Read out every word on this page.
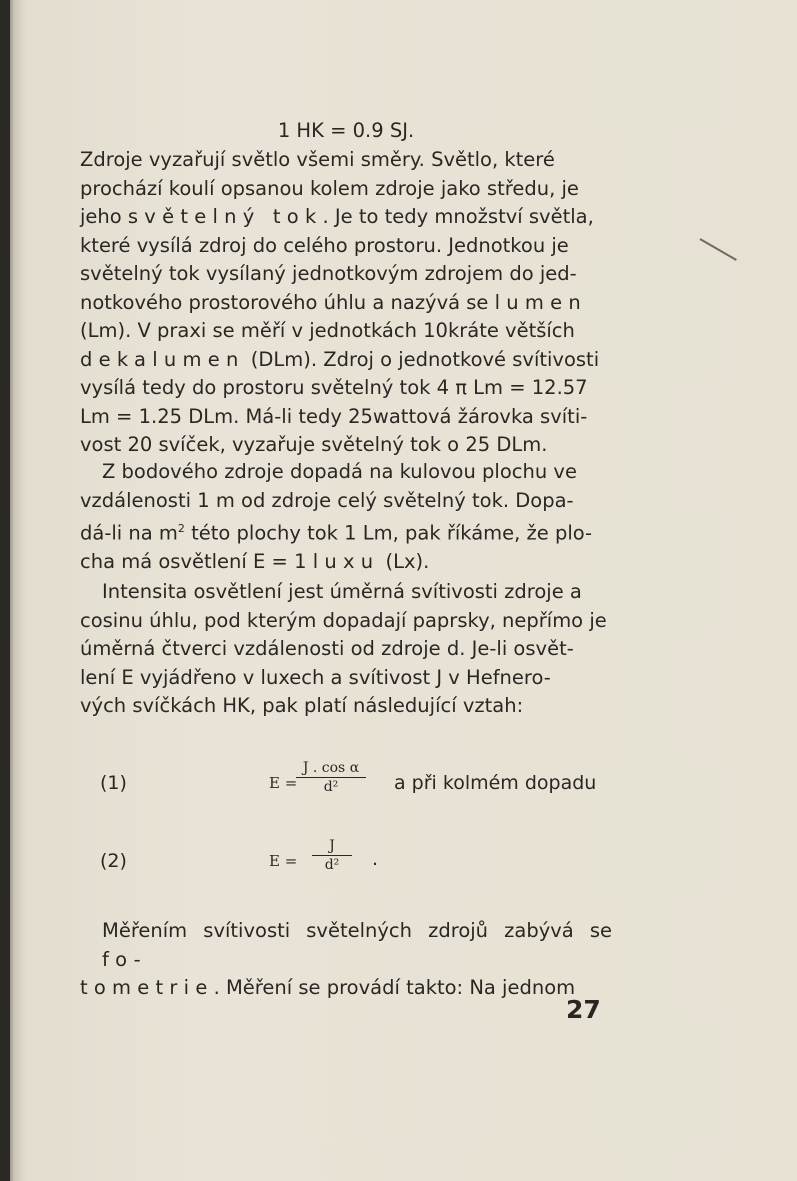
1 HK = 0.9 SJ.

Zdroje vyzařují světlo všemi směry. Světlo, které
prochází koulí opsanou kolem zdroje jako středu, je
jeho světelný tok. Je to tedy množství světla,
které vysílá zdroj do celého prostoru. Jednotkou je
světelný tok vysílaný jednotkovým zdrojem do jed-
notkového prostorového úhlu a nazývá se lumen
(Lm). V praxi se měří v jednotkách 10kráte větších
dekalumen (DLm). Zdroj o jednotkové svítivosti
vysílá tedy do prostoru světelný tok 4 π Lm = 12.57
Lm = 1.25 DLm. Má-li tedy 25wattová žárovka svíti-
vost 20 svíček, vyzařuje světelný tok o 25 DLm.
Z bodového zdroje dopadá na kulovou plochu ve
vzdálenosti 1 m od zdroje celý světelný tok. Dopa-
dá-li na $m^2$ této plochy tok 1 Lm, pak říkáme, že plo-
cha má osvětlení E = 1 luxu (Lx).
Intensita osvětlení jest úměrná svítivosti zdroje a
cosinu úhlu, pod kterým dopadají paprsky, nepřímo je
úměrná čtverci vzdálenosti od zdroje d. Je-li osvět-
lení E vyjádřeno v luxech a svítivost J v Hefnero-
vých svíčkách HK, pak platí následující vztah:
(1)	E =
$\frac{\text{J . cos α}}{\text{d²}}$ a při kolmém dopadu
(2)	$E = \frac{J}{\text{d²}}$ .
Měřením svítivosti světelných zdrojů zabývá se fo-
tometrie. Měření se provádí takto: Na jednom
27
